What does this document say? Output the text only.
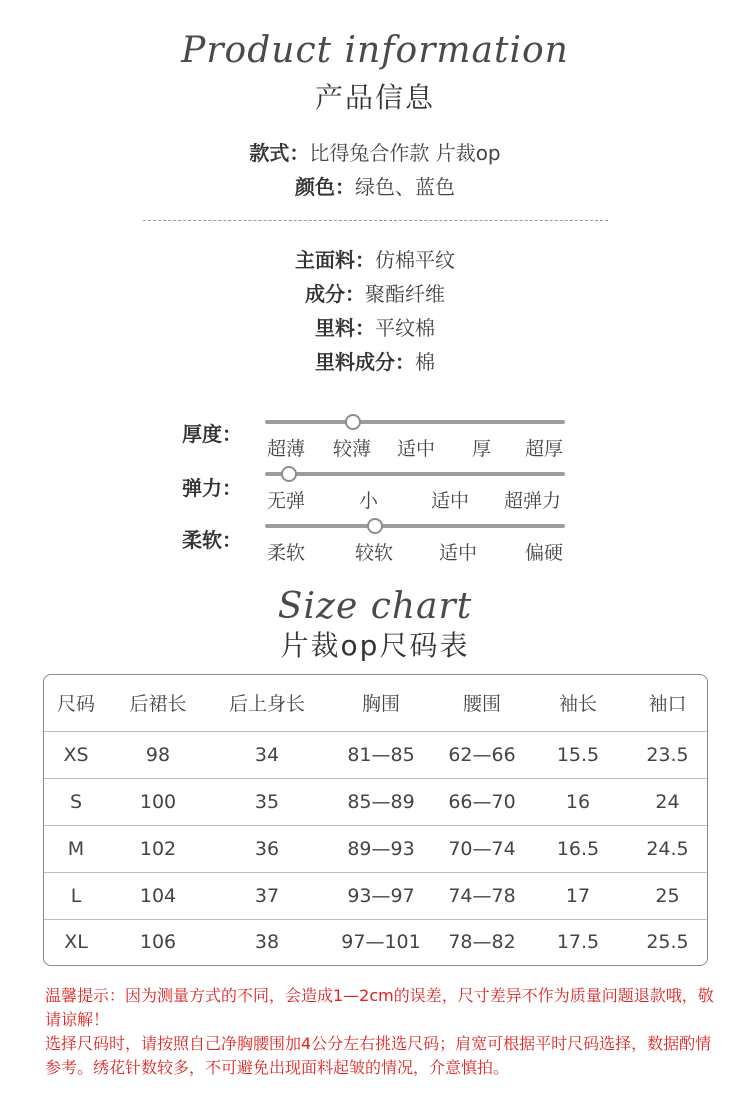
Product information
产品信息
款式：比得兔合作款 片裁op
颜色：绿色、蓝色
主面料：仿棉平纹
成分：聚酯纤维
里料：平纹棉
里料成分：棉
厚度：
超薄 较薄 适中 厚 超厚
弹力：
无弹	小	适中 超弹力
柔软：
柔软	较软 适中	偏硬
Size chart
片裁op尺码表
尺码	后裙长	后上身长	胸围	腰围	袖长	袖口
XS	98	34	81—85	62—66	15.5	23.5
S	100	35	85—89	66—70	16	24
M	102	36	89—93	70—74	16.5	24.5
L	104	37	93—97	74—78	17	25
XL	106	38	97—101	78—82	17.5	25.5
温馨提示：因为测量方式的不同，会造成1—2cm的误差，尺寸差异不作为质量问题退款哦，敬请谅解！
选择尺码时，请按照自己净胸腰围加4公分左右挑选尺码；肩宽可根据平时尺码选择，数据酌情参考。绣花针数较多，不可避免出现面料起皱的情况，介意慎拍。
